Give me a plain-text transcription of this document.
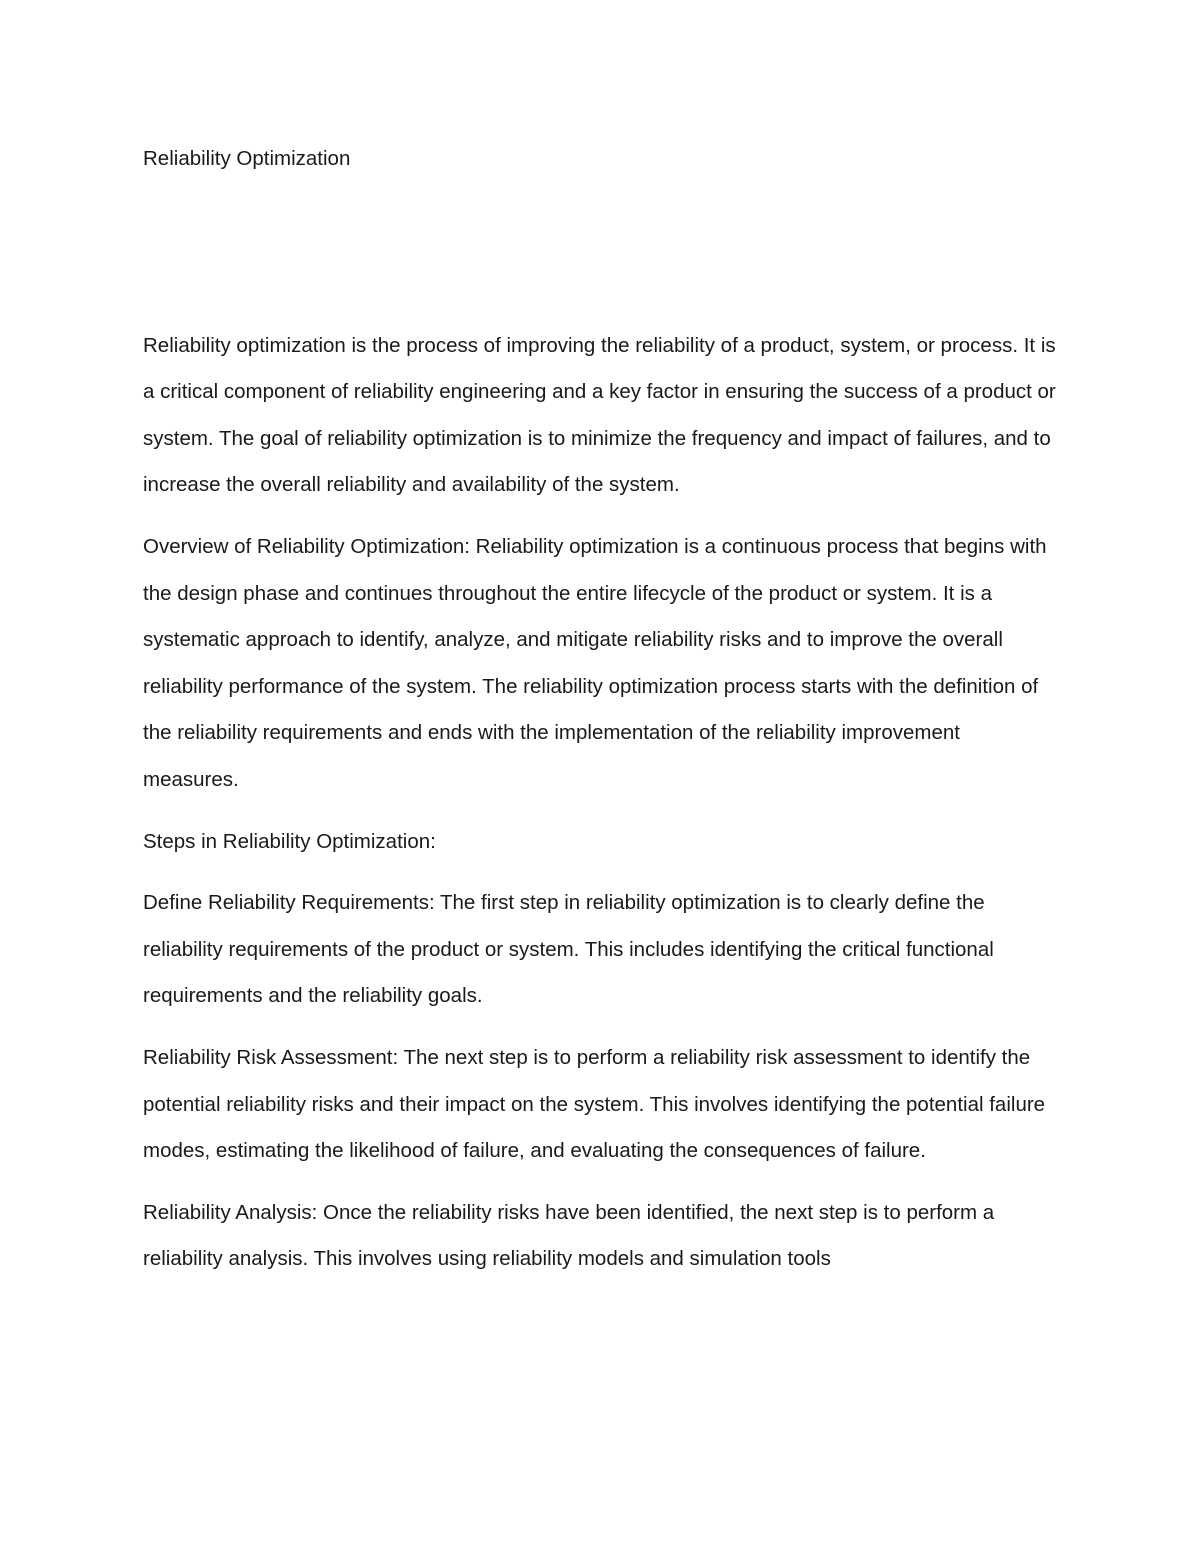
Reliability Optimization

Reliability optimization is the process of improving the reliability of a product, system, or process. It is a critical component of reliability engineering and a key factor in ensuring the success of a product or system. The goal of reliability optimization is to minimize the frequency and impact of failures, and to increase the overall reliability and availability of the system.

Overview of Reliability Optimization: Reliability optimization is a continuous process that begins with the design phase and continues throughout the entire lifecycle of the product or system. It is a systematic approach to identify, analyze, and mitigate reliability risks and to improve the overall reliability performance of the system. The reliability optimization process starts with the definition of the reliability requirements and ends with the implementation of the reliability improvement measures.

Steps in Reliability Optimization:

Define Reliability Requirements: The first step in reliability optimization is to clearly define the reliability requirements of the product or system. This includes identifying the critical functional requirements and the reliability goals.

Reliability Risk Assessment: The next step is to perform a reliability risk assessment to identify the potential reliability risks and their impact on the system. This involves identifying the potential failure modes, estimating the likelihood of failure, and evaluating the consequences of failure.

Reliability Analysis: Once the reliability risks have been identified, the next step is to perform a reliability analysis. This involves using reliability models and simulation tools
